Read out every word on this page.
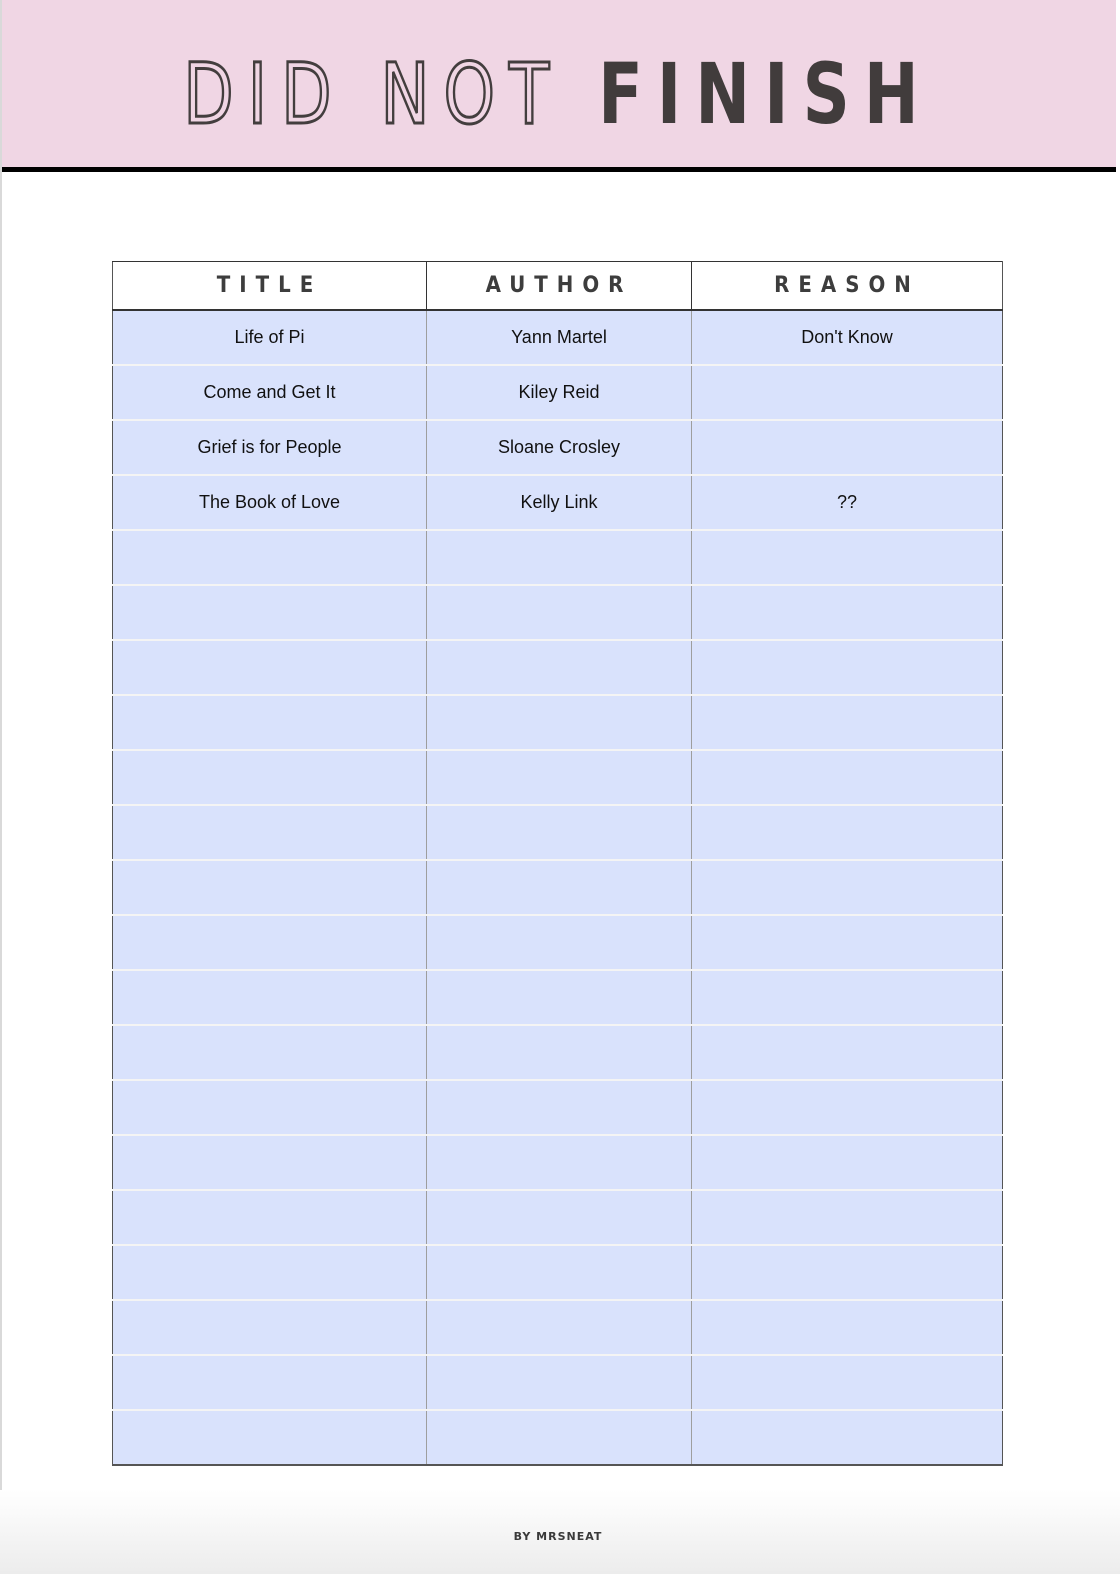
DID NOT FINISH
TITLE	AUTHOR	REASON
Life of Pi	Yann Martel	Don't Know
Come and Get It	Kiley Reid	
Grief is for People	Sloane Crosley	
The Book of Love	Kelly Link	??

BY MRSNEAT
